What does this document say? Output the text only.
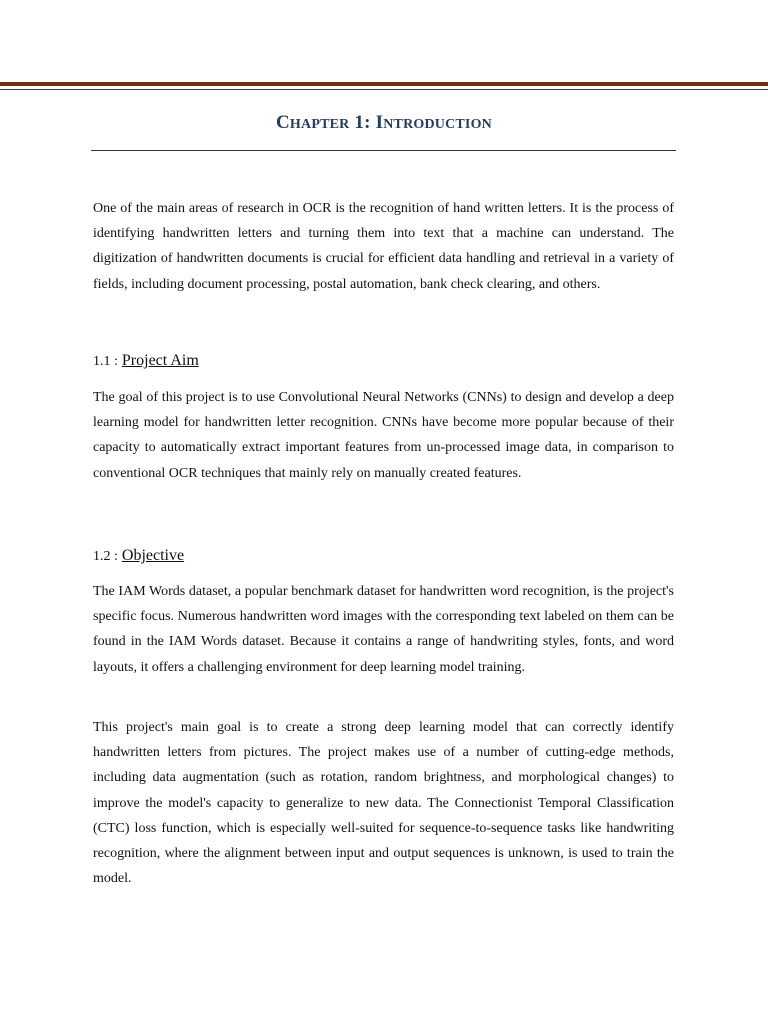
CHAPTER 1: INTRODUCTION

One of the main areas of research in OCR is the recognition of hand written letters. It is the process of identifying handwritten letters and turning them into text that a machine can understand. The digitization of handwritten documents is crucial for efficient data handling and retrieval in a variety of fields, including document processing, postal automation, bank check clearing, and others.

1.1 : Project Aim

The goal of this project is to use Convolutional Neural Networks (CNNs) to design and develop a deep learning model for handwritten letter recognition. CNNs have become more popular because of their capacity to automatically extract important features from un-processed image data, in comparison to conventional OCR techniques that mainly rely on manually created features.

1.2 : Objective

The IAM Words dataset, a popular benchmark dataset for handwritten word recognition, is the project's specific focus. Numerous handwritten word images with the corresponding text labeled on them can be found in the IAM Words dataset. Because it contains a range of handwriting styles, fonts, and word layouts, it offers a challenging environment for deep learning model training.

This project's main goal is to create a strong deep learning model that can correctly identify handwritten letters from pictures. The project makes use of a number of cutting-edge methods, including data augmentation (such as rotation, random brightness, and morphological changes) to improve the model's capacity to generalize to new data. The Connectionist Temporal Classification (CTC) loss function, which is especially well-suited for sequence-to-sequence tasks like handwriting recognition, where the alignment between input and output sequences is unknown, is used to train the model.
